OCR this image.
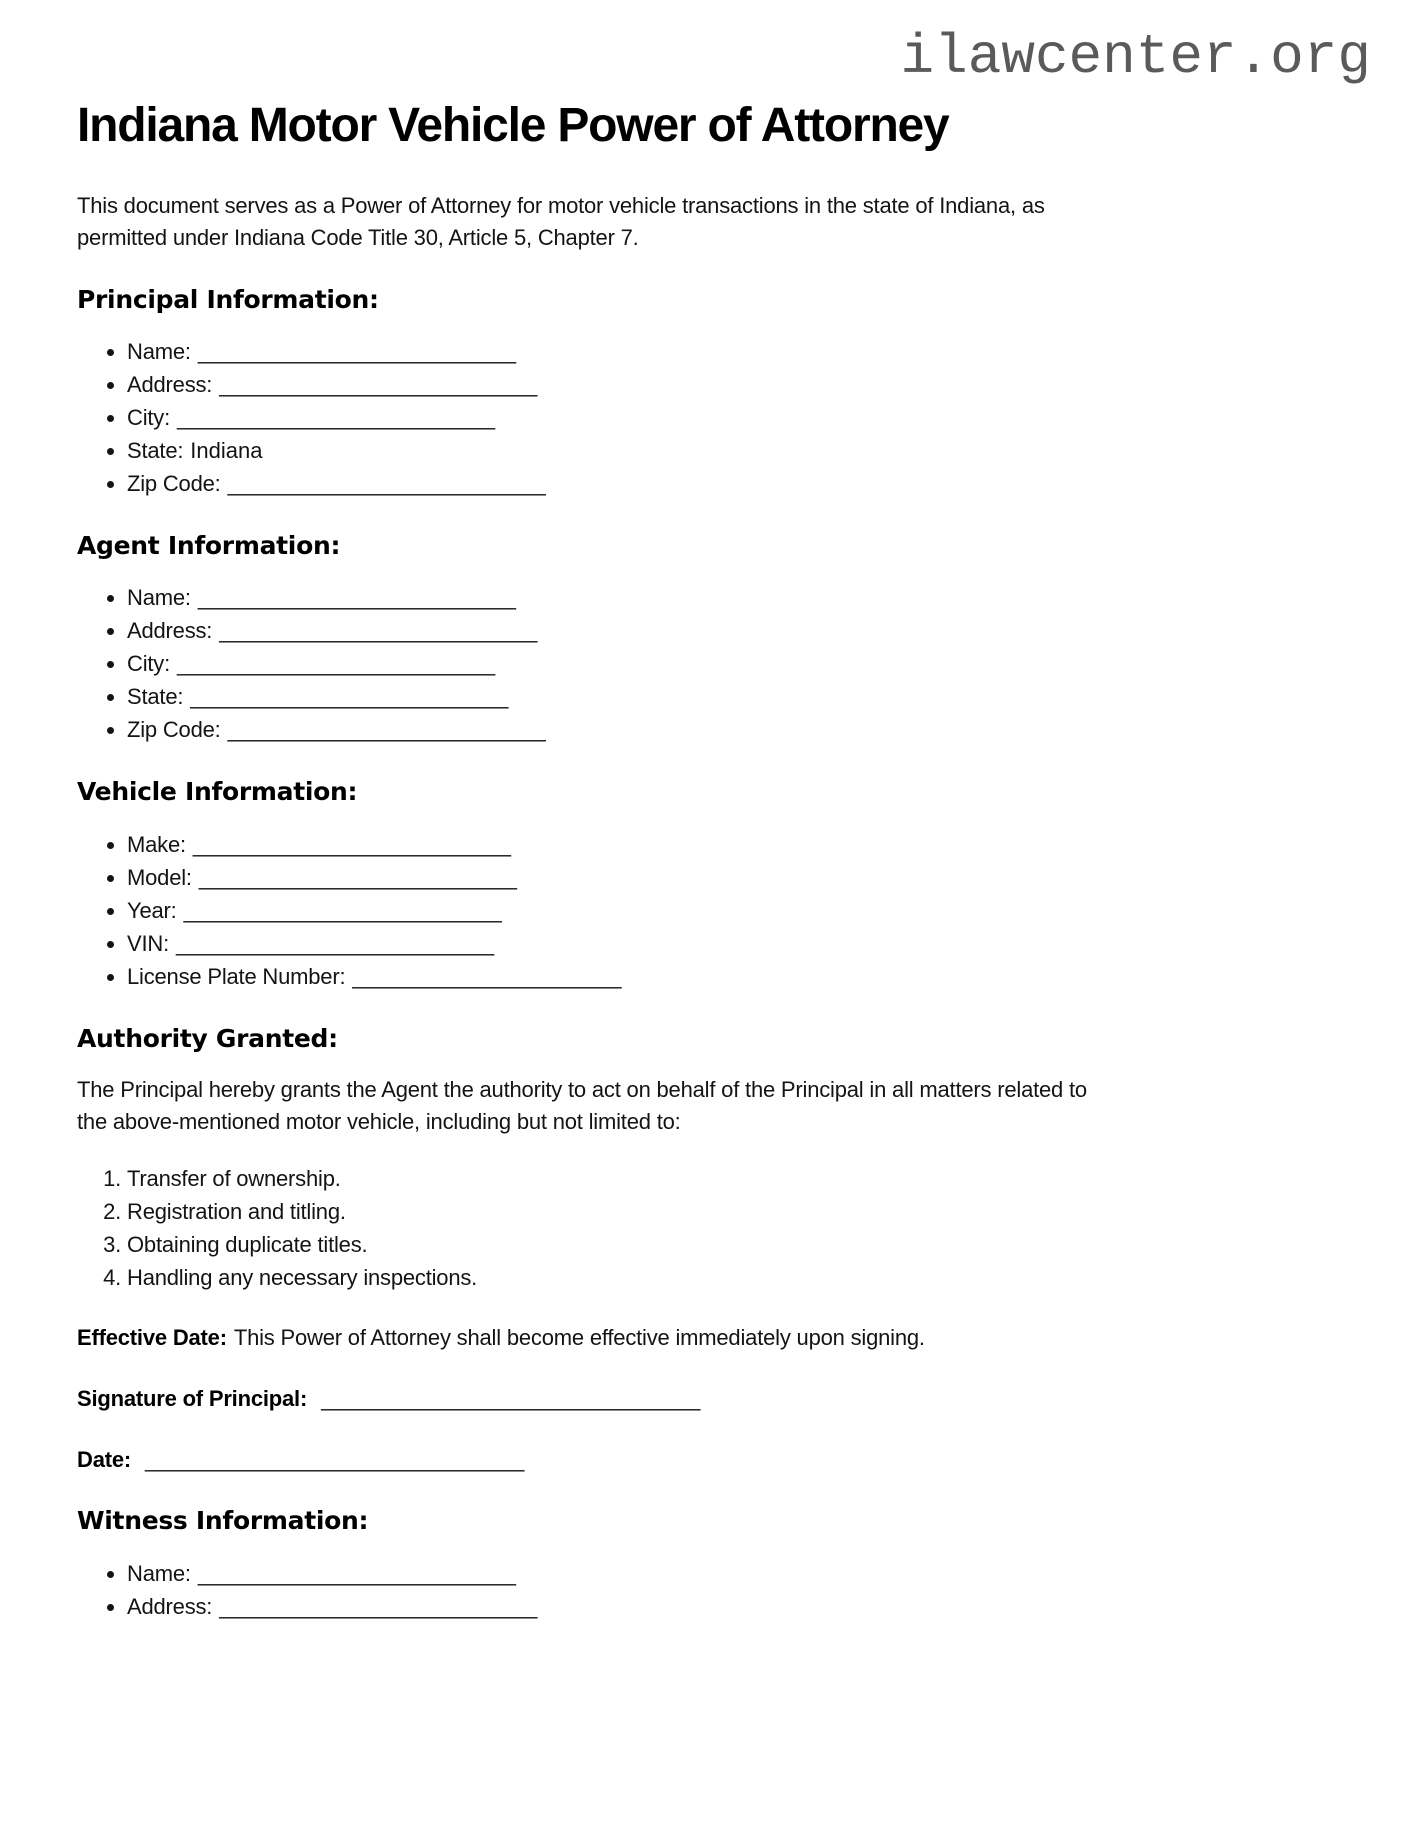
ilawcenter.org
Indiana Motor Vehicle Power of Attorney

This document serves as a Power of Attorney for motor vehicle transactions in the state of Indiana, as permitted under Indiana Code Title 30, Article 5, Chapter 7.

Principal Information:
• Name: __________________________
• Address: __________________________
• City: __________________________
• State: Indiana
• Zip Code: __________________________
Agent Information:
• Name: __________________________
• Address: __________________________
• City: __________________________
• State: __________________________
• Zip Code: __________________________
Vehicle Information:
• Make: __________________________
• Model: __________________________
• Year: __________________________
• VIN: __________________________
• License Plate Number: ______________________
Authority Granted:

The Principal hereby grants the Agent the authority to act on behalf of the Principal in all matters related to the above-mentioned motor vehicle, including but not limited to:

1. Transfer of ownership.
2. Registration and titling.
3. Obtaining duplicate titles.
4. Handling any necessary inspections.

Effective Date: This Power of Attorney shall become effective immediately upon signing.

Signature of Principal: _______________________________

Date: _______________________________

Witness Information:
• Name: __________________________
• Address: __________________________
